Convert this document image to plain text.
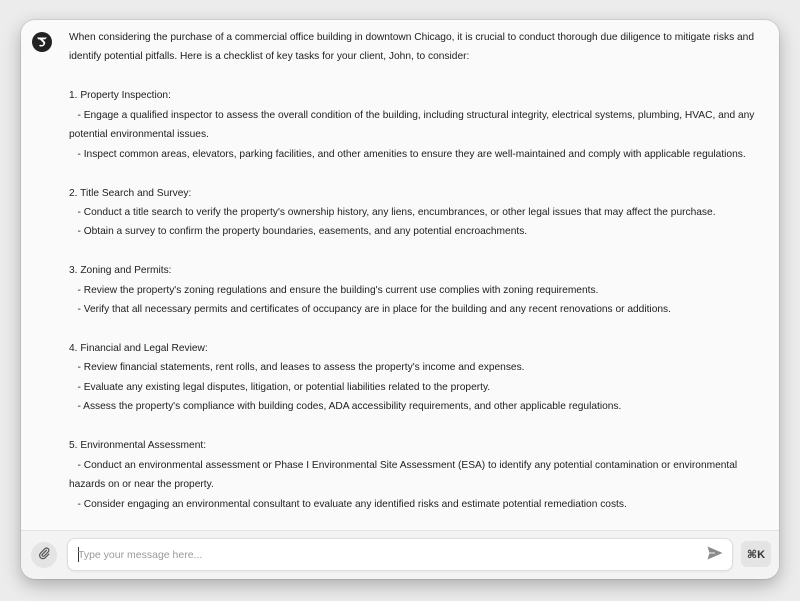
When considering the purchase of a commercial office building in downtown Chicago, it is crucial to conduct thorough due diligence to mitigate risks and
identify potential pitfalls. Here is a checklist of key tasks for your client, John, to consider:
1. Property Inspection:
- Engage a qualified inspector to assess the overall condition of the building, including structural integrity, electrical systems, plumbing, HVAC, and any
potential environmental issues.
- Inspect common areas, elevators, parking facilities, and other amenities to ensure they are well-maintained and comply with applicable regulations.
2. Title Search and Survey:
- Conduct a title search to verify the property's ownership history, any liens, encumbrances, or other legal issues that may affect the purchase.
- Obtain a survey to confirm the property boundaries, easements, and any potential encroachments.
3. Zoning and Permits:
- Review the property's zoning regulations and ensure the building's current use complies with zoning requirements.
- Verify that all necessary permits and certificates of occupancy are in place for the building and any recent renovations or additions.
4. Financial and Legal Review:
- Review financial statements, rent rolls, and leases to assess the property's income and expenses.
- Evaluate any existing legal disputes, litigation, or potential liabilities related to the property.
- Assess the property's compliance with building codes, ADA accessibility requirements, and other applicable regulations.
5. Environmental Assessment:
- Conduct an environmental assessment or Phase I Environmental Site Assessment (ESA) to identify any potential contamination or environmental
hazards on or near the property.
- Consider engaging an environmental consultant to evaluate any identified risks and estimate potential remediation costs.
Type your message here...
⌘K
